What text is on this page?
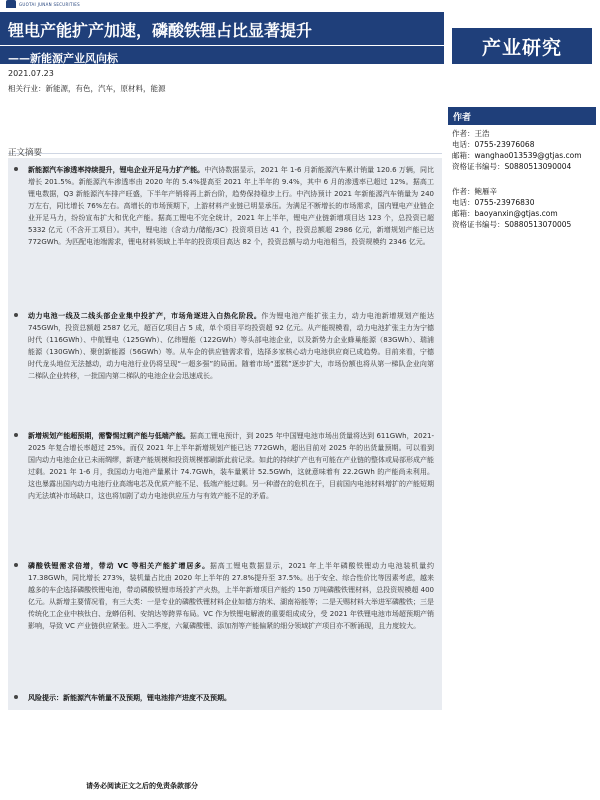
GUOTAI JUNAN SECURITIES
锂电产能扩产加速，磷酸铁锂占比显著提升
——新能源产业风向标	产业研究
2021.07.23
相关行业：新能源，有色，汽车，原材料，能源
正文摘要

新能源汽车渗透率持续提升，锂电企业开足马力扩产能。中汽协数据显示，2021 年 1-6 月新能源汽车累计销量 120.6 万辆，同比增长 201.5%。新能源汽车渗透率由 2020 年的 5.4%提高至 2021 年上半年的 9.4%，其中 6 月的渗透率已超过 12%。据高工锂电数据，Q3 新能源汽车排产旺盛，下半年产销将再上新台阶，趋势保持稳步上行。中汽协预计 2021 年新能源汽车销量为 240 万左右，同比增长 76%左右。高增长的市场预期下，上游材料产业链已明显承压。为满足不断增长的市场需求，国内锂电产业链企业开足马力，纷纷宣布扩大和优化产能。据高工锂电不完全统计，2021 年上半年，锂电产业链新增项目达 123 个，总投资已超 5332 亿元（不含开工项目）。其中，锂电池（含动力/储能/3C）投资项目达 41 个，投资总额超 2986 亿元，新增规划产能已达 772GWh。为匹配电池端需求，锂电材料领域上半年的投资项目高达 82 个，投资总额与动力电池相当，投资规模约 2346 亿元。

动力电池一线及二线头部企业集中投扩产，市场角逐进入白热化阶段。作为锂电池产能扩张主力，动力电池新增规划产能达 745GWh，投资总额超 2587 亿元，超百亿项目占 5 成，单个项目平均投资超 92 亿元。从产能规模看，动力电池扩张主力为宁德时代（116GWh）、中航锂电（125GWh）、亿纬锂能（122GWh）等头部电池企业，以及新势力企业蜂巢能源（83GWh）、瑞浦能源（130GWh）、聚创新能源（56GWh）等。从车企的供应链需求看，选择多家核心动力电池供应商已成趋势。目前来看，宁德时代龙头地位无法撼动，动力电池行业仍将呈现“一超多强”的局面。随着市场“蛋糕”逐步扩大，市场份额也将从第一梯队企业向第二梯队企业转移，一批国内第二梯队的电池企业会迅速成长。

新增规划产能超预期，需警惕过剩产能与低端产能。据高工锂电预计，到 2025 年中国锂电池市场出货量将达到 611GWh，2021-2025 年复合增长率超过 25%。而仅 2021 年上半年新增规划产能已达 772GWh，超出目前对 2025 年的出货量预期。可以看到国内动力电池企业已未雨绸缪，新建产能规模和投资规模都刷新此前记录。如此的持续扩产也有可能在产业链的整体或局部形成产能过剩。2021 年 1-6 月，我国动力电池产量累计 74.7GWh，装车量累计 52.5GWh，这就意味着有 22.2GWh 的产能尚未利用。这也暴露出国内动力电池行业高端电芯及优质产能不足、低端产能过剩。另一种潜在的危机在于，目前国内电池材料增扩的产能短期内无法填补市场缺口，这也将加剧了动力电池供应压力与有效产能不足的矛盾。

磷酸铁锂需求倍增，带动 VC 等相关产能扩增居多。据高工锂电数据显示，2021 年上半年磷酸铁锂动力电池装机量约 17.38GWh，同比增长 273%，装机量占比由 2020 年上半年的 27.8%提升至 37.5%。出于安全、综合性价比等因素考虑，越来越多的车企选择磷酸铁锂电池，带动磷酸铁锂市场投扩产火热，上半年新增项目产能约 150 万吨磷酸铁锂材料，总投资规模超 400 亿元。从新增主要情况看，有三大类：一是专业的磷酸铁锂材料企业如德方纳米、湖南裕能等；二是天赐材料大举进军磷酸铁；三是传统化工企业中核钛白、龙蟒佰利、安纳达等跨界布局。VC 作为铁锂电解液的重要组成成分，受 2021 年铁锂电池市场超预期产销影响，导致 VC 产业链供应紧张。进入二季度，六氟磷酸锂、添加剂等产能偏紧的细分领域扩产项目亦不断涌现，且力度较大。

风险提示：新能源汽车销量不及预期，锂电池排产进度不及预期。

作者
作者：王浩
电话：0755-23976068
邮箱：wanghao013539@gtjas.com
资格证书编号：S0880513090004
作者：鲍雁辛
电话：0755-23976830
邮箱：baoyanxin@gtjas.com
资格证书编号：S0880513070005
请务必阅读正文之后的免责条款部分
